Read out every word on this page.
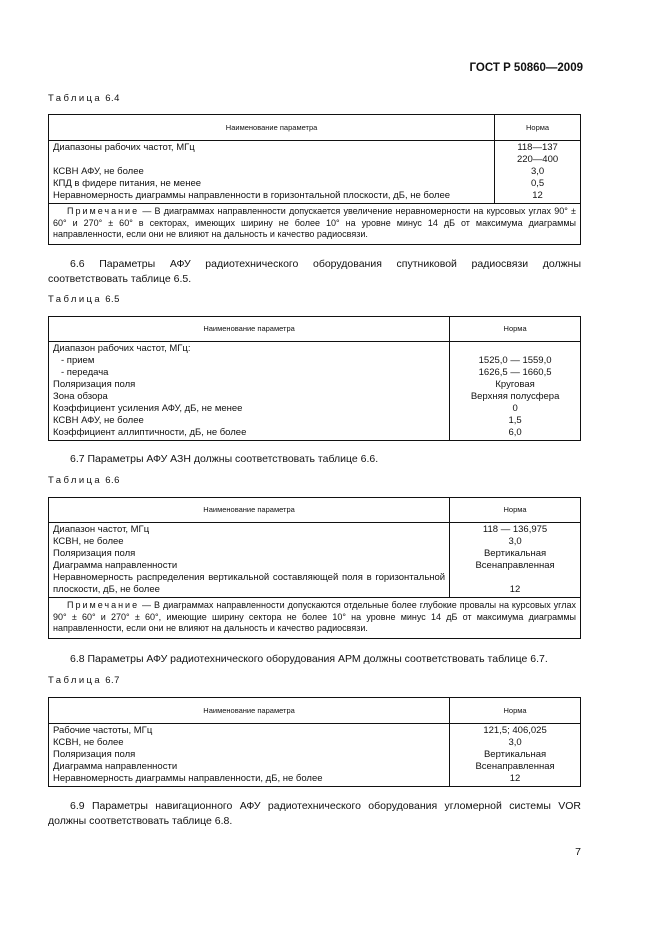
ГОСТ Р 50860—2009
Таблица 6.4
Наименование параметра	Норма
Диапазоны рабочих частот, МГц	118—137
	220—400
КСВН АФУ, не более	3,0
КПД в фидере питания, не менее	0,5
Неравномерность диаграммы направленности в горизонтальной плоскости, дБ, не более	12
Примечание — В диаграммах направленности допускается увеличение неравномерности на курсовых углах 90° ± 60° и 270° ± 60° в секторах, имеющих ширину не более 10° на уровне минус 14 дБ от максимума диаграммы направленности, если они не влияют на дальность и качество радиосвязи.	
6.6 Параметры АФУ радиотехнического оборудования спутниковой радиосвязи должны соответствовать таблице 6.5.
Таблица 6.5
Наименование параметра	Норма
Диапазон рабочих частот, МГц:	
- прием	1525,0 — 1559,0
- передача	1626,5 — 1660,5
Поляризация поля	Круговая
Зона обзора	Верхняя полусфера
Коэффициент усиления АФУ, дБ, не менее	0
КСВН АФУ, не более	1,5
Коэффициент аллиптичности, дБ, не более	6,0
6.7 Параметры АФУ АЗН должны соответствовать таблице 6.6.
Таблица 6.6
Наименование параметра	Норма
Диапазон частот, МГц	118 — 136,975
КСВН, не более	3,0
Поляризация поля	Вертикальная
Диаграмма направленности	Всенаправленная
Неравномерность распределения вертикальной составляющей поля в горизонтальной плоскости, дБ, не более	12
Примечание — В диаграммах направленности допускаются отдельные более глубокие провалы на курсовых углах 90° ± 60° и 270° ± 60°, имеющие ширину сектора не более 10° на уровне минус 14 дБ от максимума диаграммы направленности, если они не влияют на дальность и качество радиосвязи.	
6.8 Параметры АФУ радиотехнического оборудования АРМ должны соответствовать таблице 6.7.
Таблица 6.7
Наименование параметра	Норма
Рабочие частоты, МГц	121,5; 406,025
КСВН, не более	3,0
Поляризация поля	Вертикальная
Диаграмма направленности	Всенаправленная
Неравномерность диаграммы направленности, дБ, не более	12
6.9 Параметры навигационного АФУ радиотехнического оборудования угломерной системы VOR должны соответствовать таблице 6.8.
7
